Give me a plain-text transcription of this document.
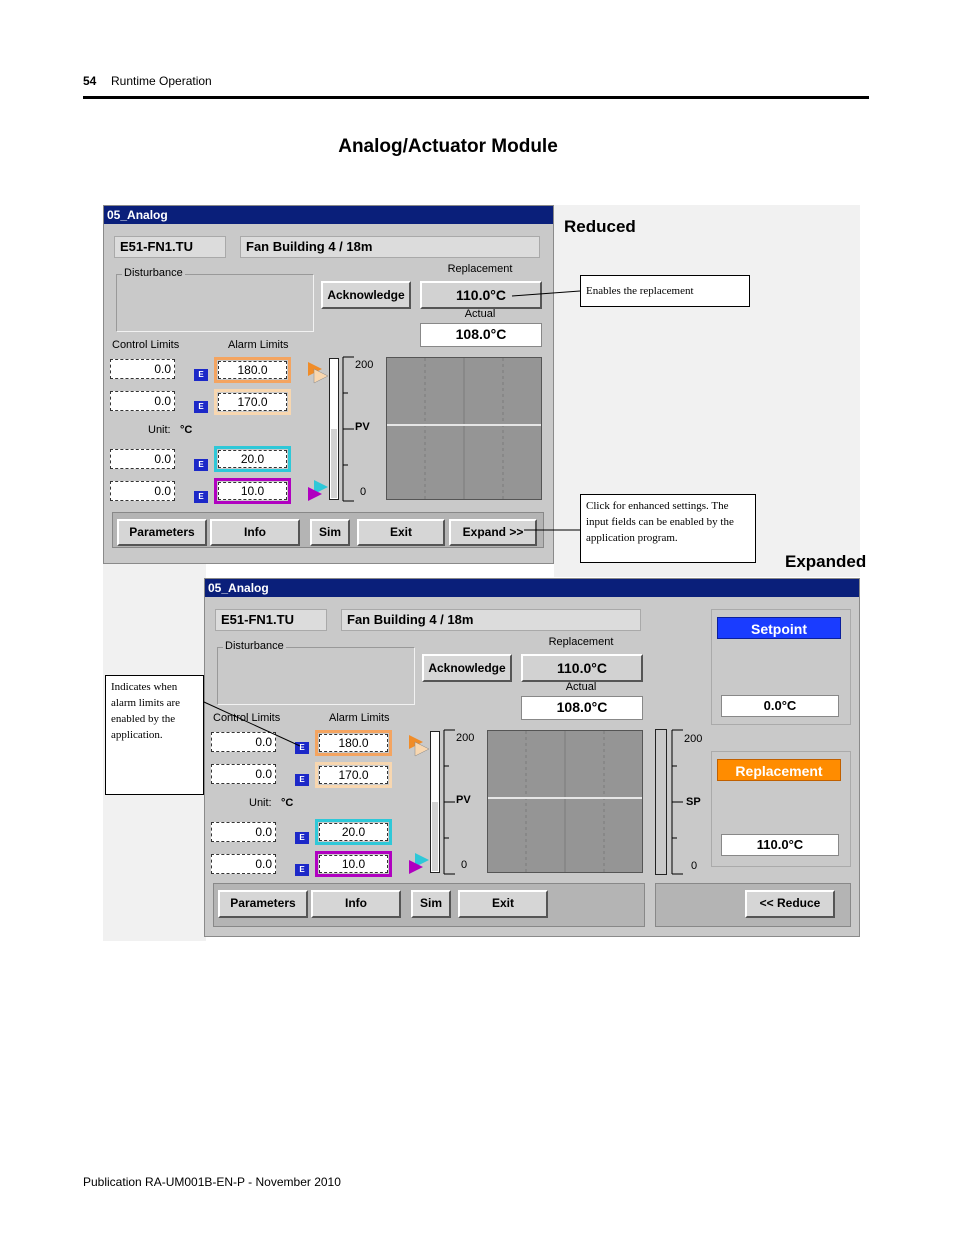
54 Runtime Operation
Analog/Actuator Module
05_Analog
E51-FN1.TU	Fan Building 4 / 18m
Disturbance	Replacement
Acknowledge	110.0°C
Actual
108.0°C
Control Limits	Alarm Limits
0.0	E	180.0
0.0	E	170.0
Unit: °C
0.0	E	20.0
0.0	E	10.0
200
PV
0
Parameters	Info	Sim	Exit	Expand >>
Reduced
Enables the replacement
Click for enhanced settings. The input fields can be enabled by the application program.
Expanded
05_Analog
E51-FN1.TU	Fan Building 4 / 18m
Disturbance	Replacement
Acknowledge	110.0°C
Actual
108.0°C
Control Limits	Alarm Limits
0.0	E	180.0
0.0	E	170.0
Unit: °C
0.0	E	20.0
0.0	E	10.0
200
PV
0
200
SP
0
Setpoint
0.0°C
Replacement
110.0°C
Parameters	Info	Sim	Exit	<< Reduce
Indicates when alarm limits are enabled by the application.
Publication RA-UM001B-EN-P - November 2010
